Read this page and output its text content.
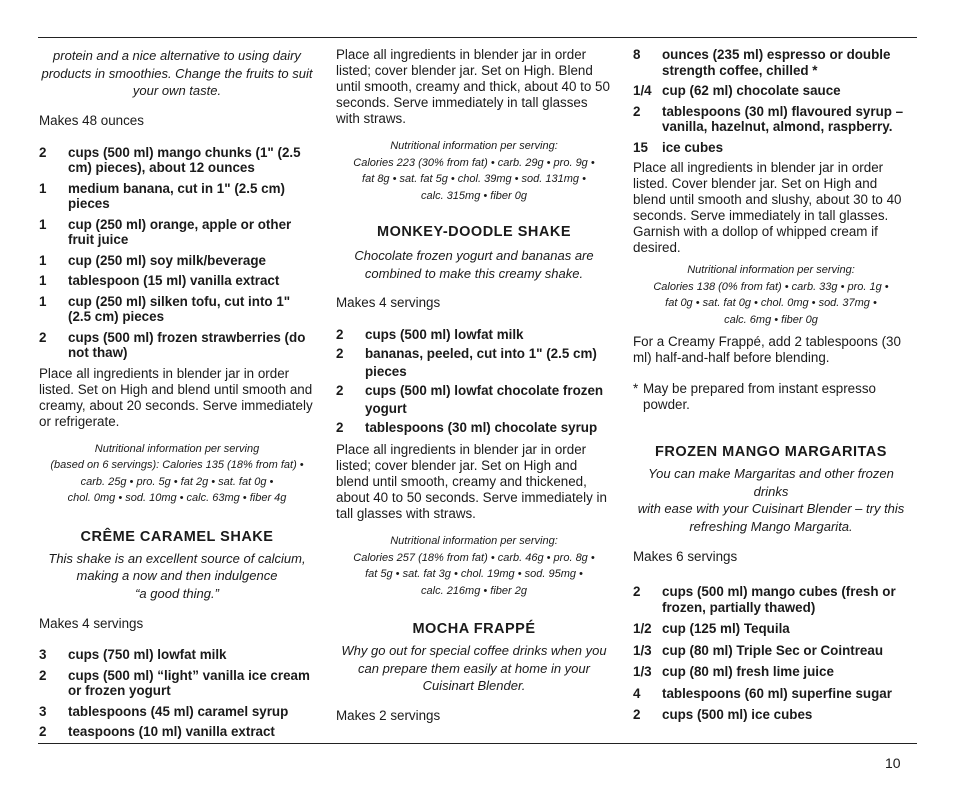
protein and a nice alternative to using dairy products in smoothies. Change the fruits to suit your own taste.

Makes 48 ounces

2	cups (500 ml) mango chunks (1" (2.5 cm) pieces), about 12 ounces
1	medium banana, cut in 1" (2.5 cm) pieces
1	cup (250 ml) orange, apple or other fruit juice
1	cup (250 ml) soy milk/beverage
1	tablespoon (15 ml) vanilla extract
1	cup (250 ml) silken tofu, cut into 1" (2.5 cm) pieces
2	cups (500 ml) frozen strawberries (do not thaw)

Place all ingredients in blender jar in order listed. Set on High and blend until smooth and creamy, about 20 seconds. Serve immediately or refrigerate.

Nutritional information per serving

(based on 6 servings): Calories 135 (18% from fat) •

carb. 25g • pro. 5g • fat 2g • sat. fat 0g •

chol. 0mg • sod. 10mg • calc. 63mg • fiber 4g

CRÊME CARAMEL SHAKE

This shake is an excellent source of calcium,

making a now and then indulgence

“a good thing.”

Makes 4 servings

3	cups (750 ml) lowfat milk
2	cups (500 ml) “light” vanilla ice cream or frozen yogurt
3	tablespoons (45 ml) caramel syrup
2	teaspoons (10 ml) vanilla extract

Place all ingredients in blender jar in order listed; cover blender jar. Set on High. Blend until smooth, creamy and thick, about 40 to 50 seconds. Serve immediately in tall glasses with straws.

Nutritional information per serving:

Calories 223 (30% from fat) • carb. 29g • pro. 9g •

fat 8g • sat. fat 5g • chol. 39mg • sod. 131mg •

calc. 315mg • fiber 0g

MONKEY-DOODLE SHAKE

Chocolate frozen yogurt and bananas are

combined to make this creamy shake.

Makes 4 servings

2	cups (500 ml) lowfat milk
2	bananas, peeled, cut into 1" (2.5 cm) pieces
2	cups (500 ml) lowfat chocolate frozen yogurt
2	tablespoons (30 ml) chocolate syrup

Place all ingredients in blender jar in order listed; cover blender jar. Set on High and blend until smooth, creamy and thickened, about 40 to 50 seconds. Serve immediately in tall glasses with straws.

Nutritional information per serving:

Calories 257 (18% from fat) • carb. 46g • pro. 8g •

fat 5g • sat. fat 3g • chol. 19mg • sod. 95mg •

calc. 216mg • fiber 2g

MOCHA FRAPPÉ

Why go out for special coffee drinks when you

can prepare them easily at home in your

Cuisinart Blender.

Makes 2 servings

8	ounces (235 ml) espresso or double strength coffee, chilled *
1/4 cup (62 ml) chocolate sauce
2	tablespoons (30 ml) flavoured syrup – vanilla, hazelnut, almond, raspberry.
15	ice cubes

Place all ingredients in blender jar in order listed. Cover blender jar. Set on High and blend until smooth and slushy, about 30 to 40 seconds. Serve immediately in tall glasses. Garnish with a dollop of whipped cream if desired.

Nutritional information per serving:

Calories 138 (0% from fat) • carb. 33g • pro. 1g •

fat 0g • sat. fat 0g • chol. 0mg • sod. 37mg •

calc. 6mg • fiber 0g

For a Creamy Frappé, add 2 tablespoons (30 ml) half-and-half before blending.

* May be prepared from instant espresso powder.

FROZEN MANGO MARGARITAS

You can make Margaritas and other frozen drinks

with ease with your Cuisinart Blender – try this

refreshing Mango Margarita.

Makes 6 servings

2	cups (500 ml) mango cubes (fresh or frozen, partially thawed)
1/2 cup (125 ml) Tequila
1/3 cup (80 ml) Triple Sec or Cointreau
1/3 cup (80 ml) fresh lime juice
4	tablespoons (60 ml) superfine sugar
2	cups (500 ml) ice cubes
10
